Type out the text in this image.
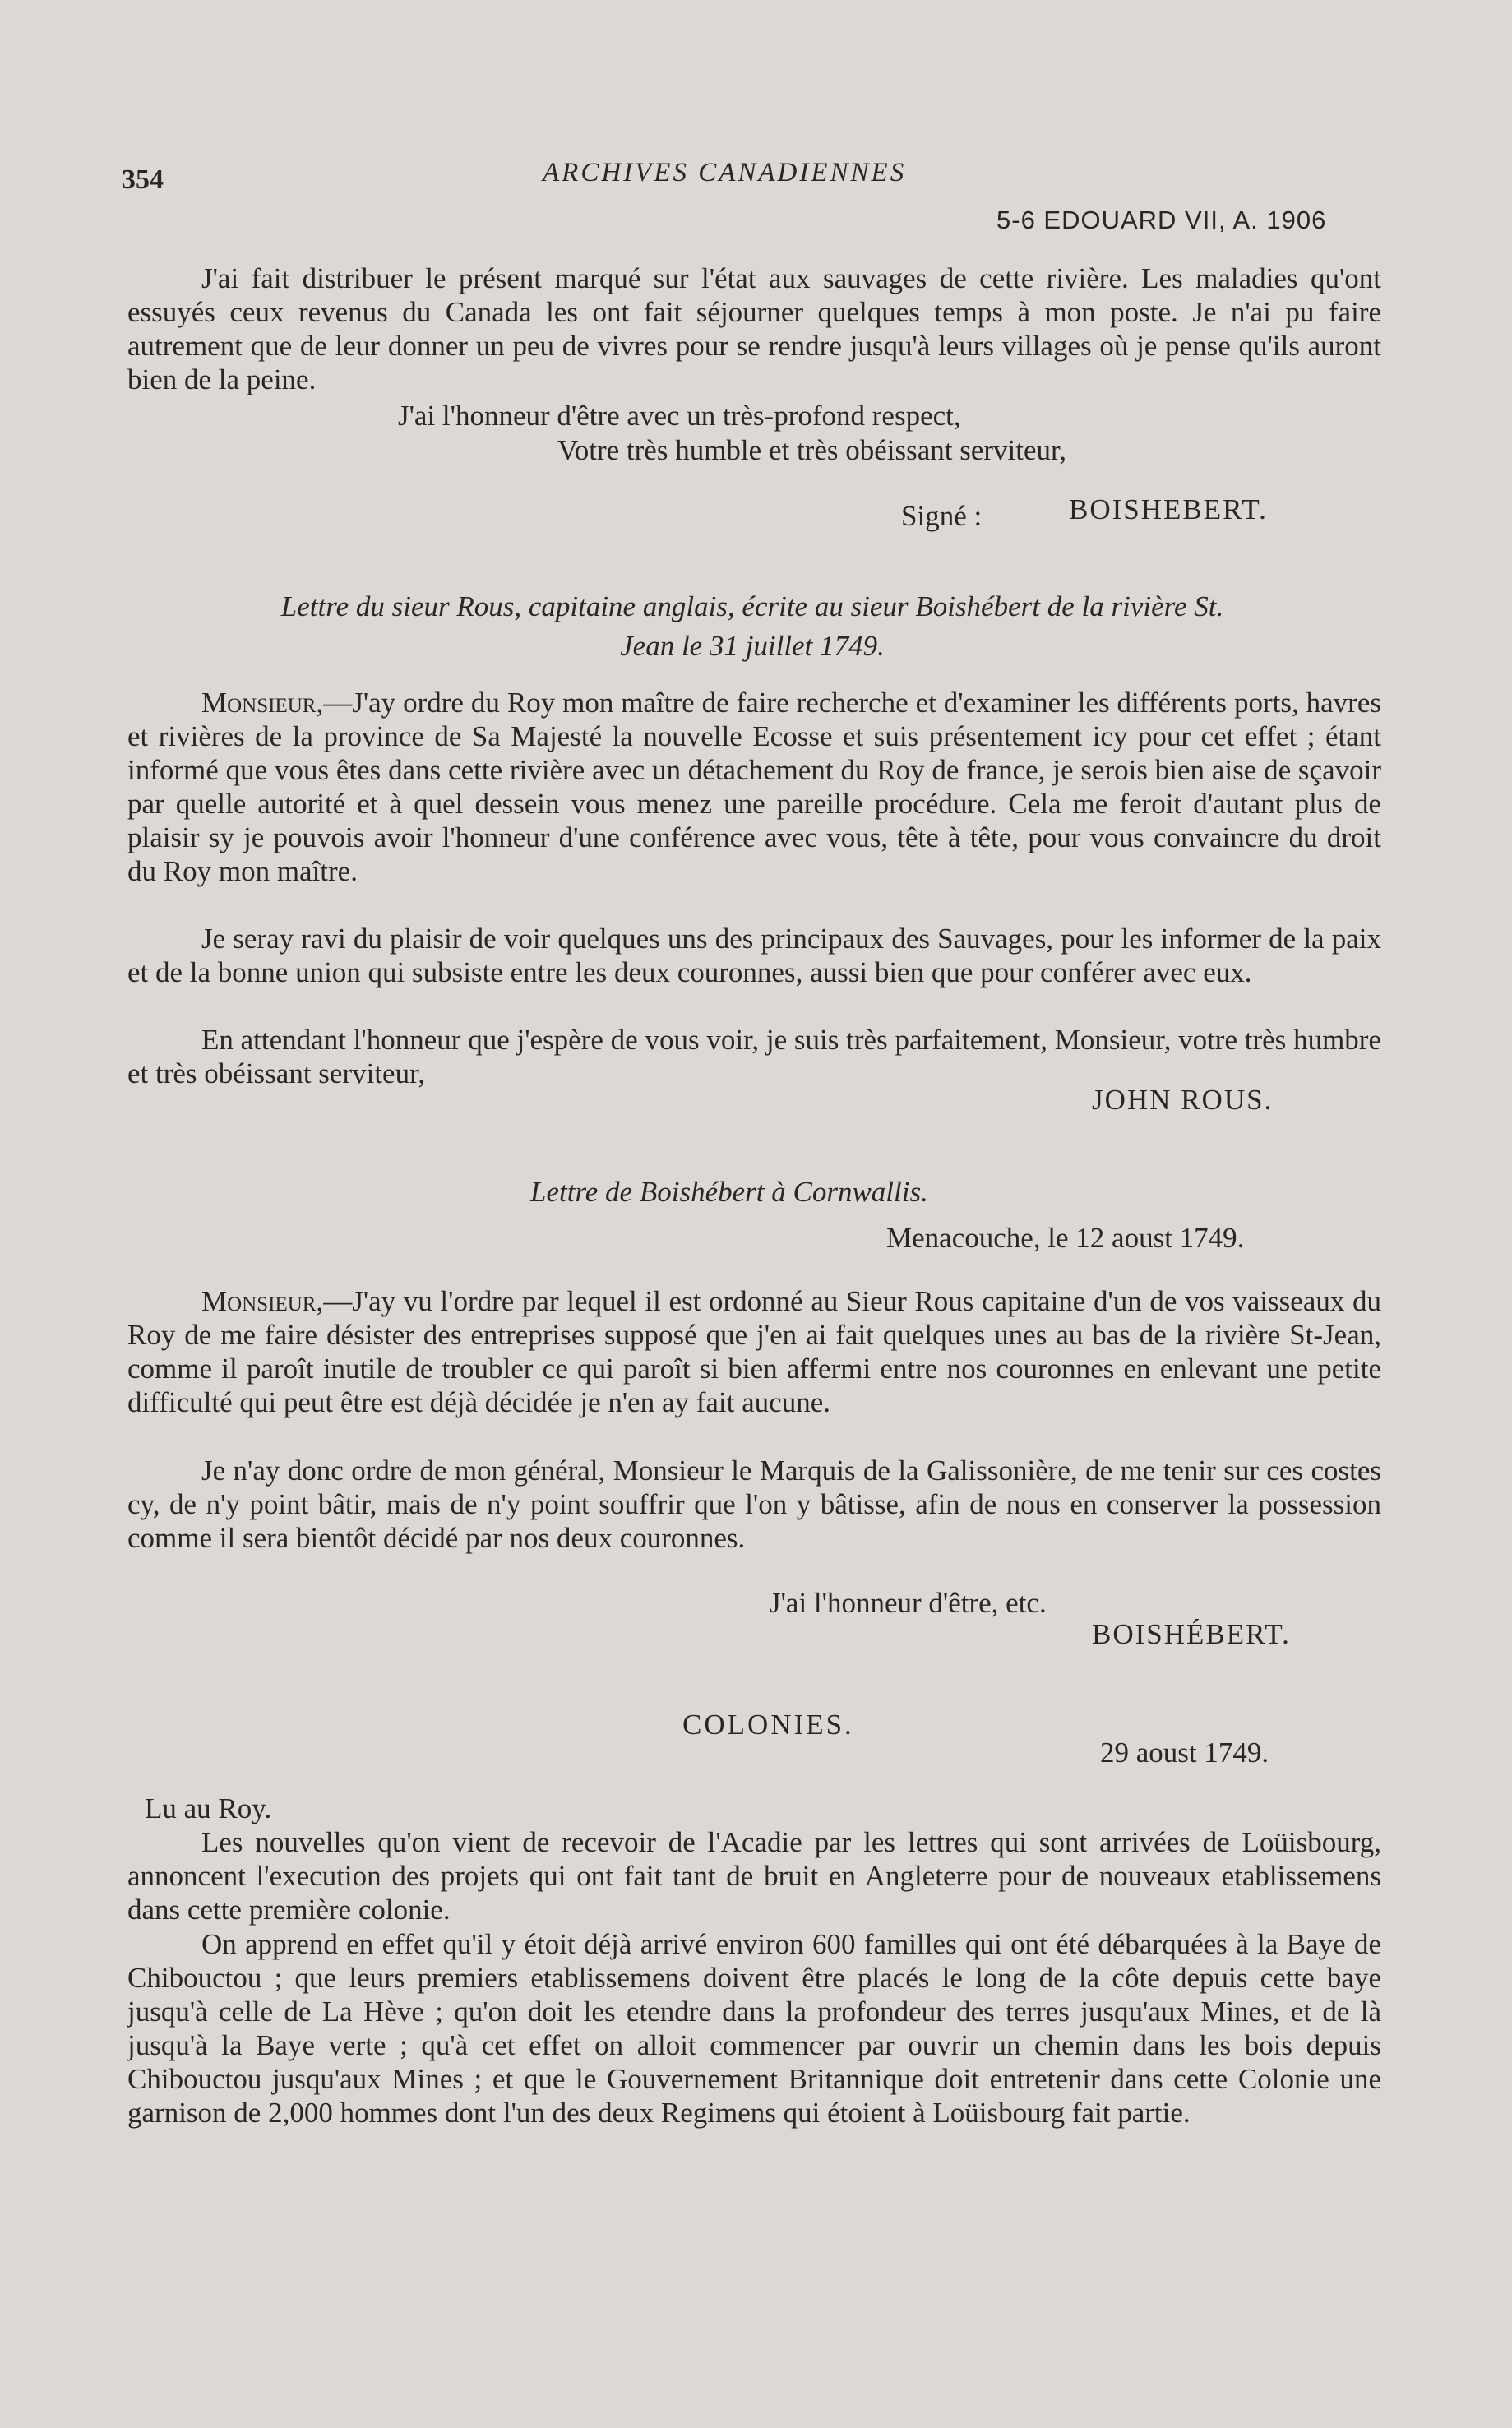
354	ARCHIVES CANADIENNES
5-6 EDOUARD VII, A. 1906

J'ai fait distribuer le présent marqué sur l'état aux sauvages de cette rivière. Les maladies qu'ont essuyés ceux revenus du Canada les ont fait séjourner quelques temps à mon poste. Je n'ai pu faire autrement que de leur donner un peu de vivres pour se rendre jusqu'à leurs villages où je pense qu'ils auront bien de la peine.

J'ai l'honneur d'être avec un très-profond respect,
Votre très humble et très obéissant serviteur,
Signé :	BOISHEBERT.
Lettre du sieur Rous, capitaine anglais, écrite au sieur Boishébert de la rivière St.
Jean le 31 juillet 1749.

Monsieur,—J'ay ordre du Roy mon maître de faire recherche et d'examiner les différents ports, havres et rivières de la province de Sa Majesté la nouvelle Ecosse et suis présentement icy pour cet effet ; étant informé que vous êtes dans cette rivière avec un détachement du Roy de france, je serois bien aise de sçavoir par quelle autorité et à quel dessein vous menez une pareille procédure. Cela me feroit d'autant plus de plaisir sy je pouvois avoir l'honneur d'une conférence avec vous, tête à tête, pour vous convaincre du droit du Roy mon maître.

Je seray ravi du plaisir de voir quelques uns des principaux des Sauvages, pour les informer de la paix et de la bonne union qui subsiste entre les deux couronnes, aussi bien que pour conférer avec eux.

En attendant l'honneur que j'espère de vous voir, je suis très parfaitement, Monsieur, votre très humbre et très obéissant serviteur,

JOHN ROUS.
Lettre de Boishébert à Cornwallis.
Menacouche, le 12 aoust 1749.

Monsieur,—J'ay vu l'ordre par lequel il est ordonné au Sieur Rous capitaine d'un de vos vaisseaux du Roy de me faire désister des entreprises supposé que j'en ai fait quelques unes au bas de la rivière St-Jean, comme il paroît inutile de troubler ce qui paroît si bien affermi entre nos couronnes en enlevant une petite difficulté qui peut être est déjà décidée je n'en ay fait aucune.

Je n'ay donc ordre de mon général, Monsieur le Marquis de la Galissonière, de me tenir sur ces costes cy, de n'y point bâtir, mais de n'y point souffrir que l'on y bâtisse, afin de nous en conserver la possession comme il sera bientôt décidé par nos deux couronnes.

J'ai l'honneur d'être, etc.
BOISHÉBERT.
COLONIES.
29 aoust 1749.
Lu au Roy.

Les nouvelles qu'on vient de recevoir de l'Acadie par les lettres qui sont arrivées de Loüisbourg, annoncent l'execution des projets qui ont fait tant de bruit en Angleterre pour de nouveaux etablissemens dans cette première colonie.

On apprend en effet qu'il y étoit déjà arrivé environ 600 familles qui ont été débarquées à la Baye de Chibouctou ; que leurs premiers etablissemens doivent être placés le long de la côte depuis cette baye jusqu'à celle de La Hève ; qu'on doit les etendre dans la profondeur des terres jusqu'aux Mines, et de là jusqu'à la Baye verte ; qu'à cet effet on alloit commencer par ouvrir un chemin dans les bois depuis Chibouctou jusqu'aux Mines ; et que le Gouvernement Britannique doit entretenir dans cette Colonie une garnison de 2,000 hommes dont l'un des deux Regimens qui étoient à Loüisbourg fait partie.
